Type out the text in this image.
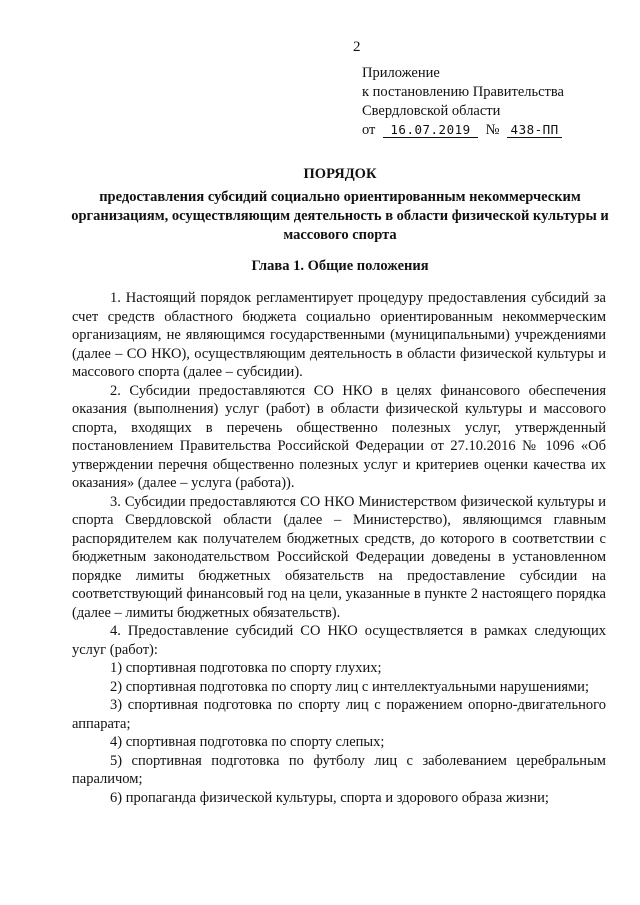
2
Приложение
к постановлению Правительства
Свердловской области
от 16.07.2019 № 438-ПП
ПОРЯДОК
предоставления субсидий социально ориентированным некоммерческим организациям, осуществляющим деятельность в области физической культуры и массового спорта
Глава 1. Общие положения

1. Настоящий порядок регламентирует процедуру предоставления субсидий за счет средств областного бюджета социально ориентированным некоммерческим организациям, не являющимся государственными (муниципальными) учреждениями (далее – СО НКО), осуществляющим деятельность в области физической культуры и массового спорта (далее – субсидии).

2. Субсидии предоставляются СО НКО в целях финансового обеспечения оказания (выполнения) услуг (работ) в области физической культуры и массового спорта, входящих в перечень общественно полезных услуг, утвержденный постановлением Правительства Российской Федерации от 27.10.2016 № 1096 «Об утверждении перечня общественно полезных услуг и критериев оценки качества их оказания» (далее – услуга (работа)).

3. Субсидии предоставляются СО НКО Министерством физической культуры и спорта Свердловской области (далее – Министерство), являющимся главным распорядителем как получателем бюджетных средств, до которого в соответствии с бюджетным законодательством Российской Федерации доведены в установленном порядке лимиты бюджетных обязательств на предоставление субсидии на соответствующий финансовый год на цели, указанные в пункте 2 настоящего порядка (далее – лимиты бюджетных обязательств).

4. Предоставление субсидий СО НКО осуществляется в рамках следующих услуг (работ):

1) спортивная подготовка по спорту глухих;

2) спортивная подготовка по спорту лиц с интеллектуальными нарушениями;

3) спортивная подготовка по спорту лиц с поражением опорно-двигательного аппарата;

4) спортивная подготовка по спорту слепых;

5) спортивная подготовка по футболу лиц с заболеванием церебральным параличом;

6) пропаганда физической культуры, спорта и здорового образа жизни;
